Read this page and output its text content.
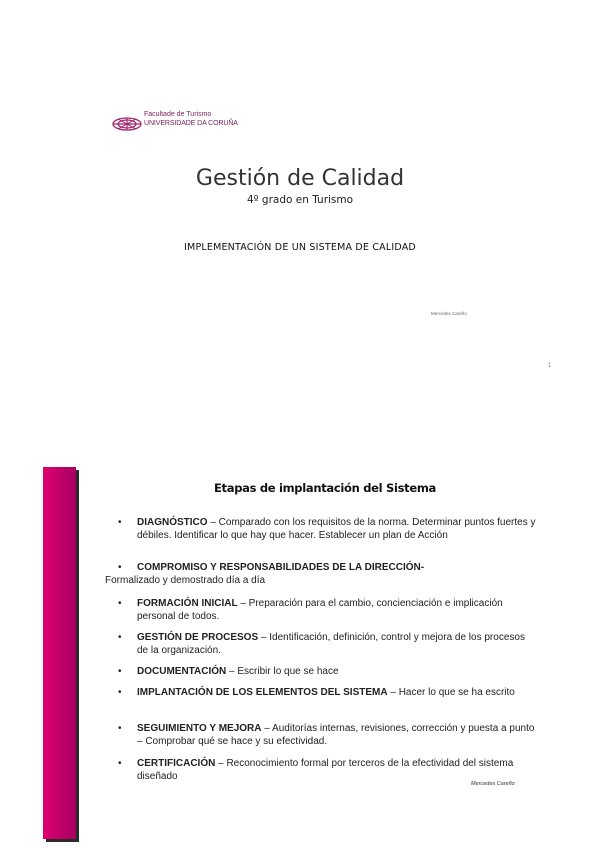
Facultade de Turismo
UNIVERSIDADE DA CORUÑA
Gestión de Calidad
4º grado en Turismo
IMPLEMENTACIÓN DE UN SISTEMA DE CALIDAD
Mercedes Careño
1
Etapas de implantación del Sistema
•	DIAGNÓSTICO – Comparado con los requisitos de la norma. Determinar puntos fuertes y débiles. Identificar lo que hay que hacer. Establecer un plan de Acción
•	COMPROMISO Y RESPONSABILIDADES DE LA DIRECCIÓN-
Formalizado y demostrado día a día
•	FORMACIÓN INICIAL – Preparación para el cambio, concienciación e implicación personal de todos.
•	GESTIÓN DE PROCESOS – Identificación, definición, control y mejora de los procesos de la organización.
•	DOCUMENTACIÓN – Escribir lo que se hace
•	IMPLANTACIÓN DE LOS ELEMENTOS DEL SISTEMA – Hacer lo que se ha escrito
•	SEGUIMIENTO Y MEJORA – Auditorías internas, revisiones, corrección y puesta a punto – Comprobar qué se hace y su efectividad.
•	CERTIFICACIÓN – Reconocimiento formal por terceros de la efectividad del sistema diseñado
Mercedes Careño
